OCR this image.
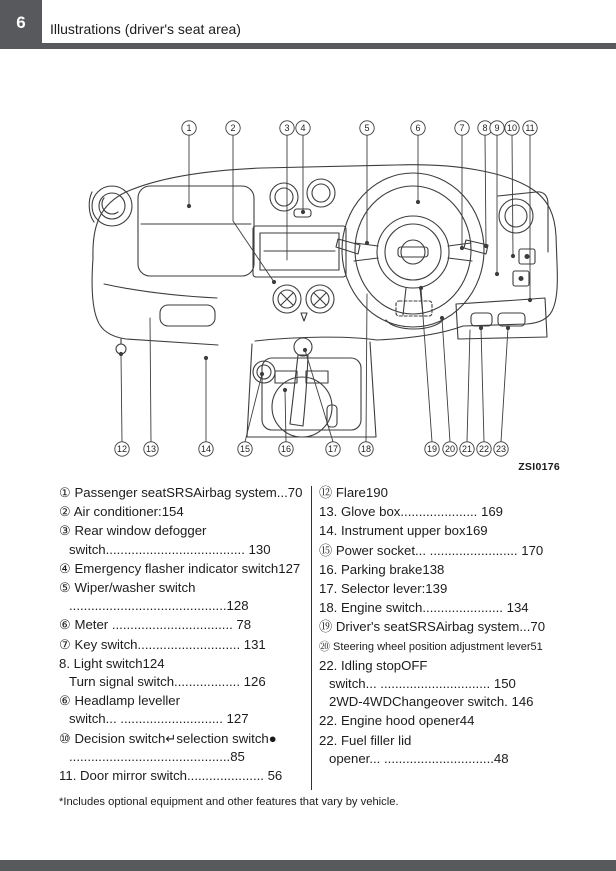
6	Illustrations (driver's seat area)
1	2	3 4	5	6	7 8 9 10 11
12 13	14	15	16	17	18	19 20 21 22 23
ZSI0176
① Passenger seatSRSAirbag system...70
② Air conditioner:154
③ Rear window defogger
switch...................................... 130
④ Emergency flasher indicator switch127
⑤ Wiper/washer switch
...........................................128
⑥ Meter ................................. 78
⑦ Key switch............................ 131
8. Light switch124
Turn signal switch.................. 126
⑥ Headlamp leveller
switch... ............................ 127
⑩ Decision switch↵selection switch●
............................................85
11. Door mirror switch..................... 56
⑫ Flare190
13. Glove box..................... 169
14. Instrument upper box169
⑮ Power socket... ........................ 170
16. Parking brake138
17. Selector lever:139
18. Engine switch...................... 134
⑲ Driver's seatSRSAirbag system...70
⑳ Steering wheel position adjustment lever51
22. Idling stopOFF
switch... .............................. 150
2WD-4WDChangeover switch. 146
22. Engine hood opener44
22. Fuel filler lid
opener... ..............................48
*Includes optional equipment and other features that vary by vehicle.
